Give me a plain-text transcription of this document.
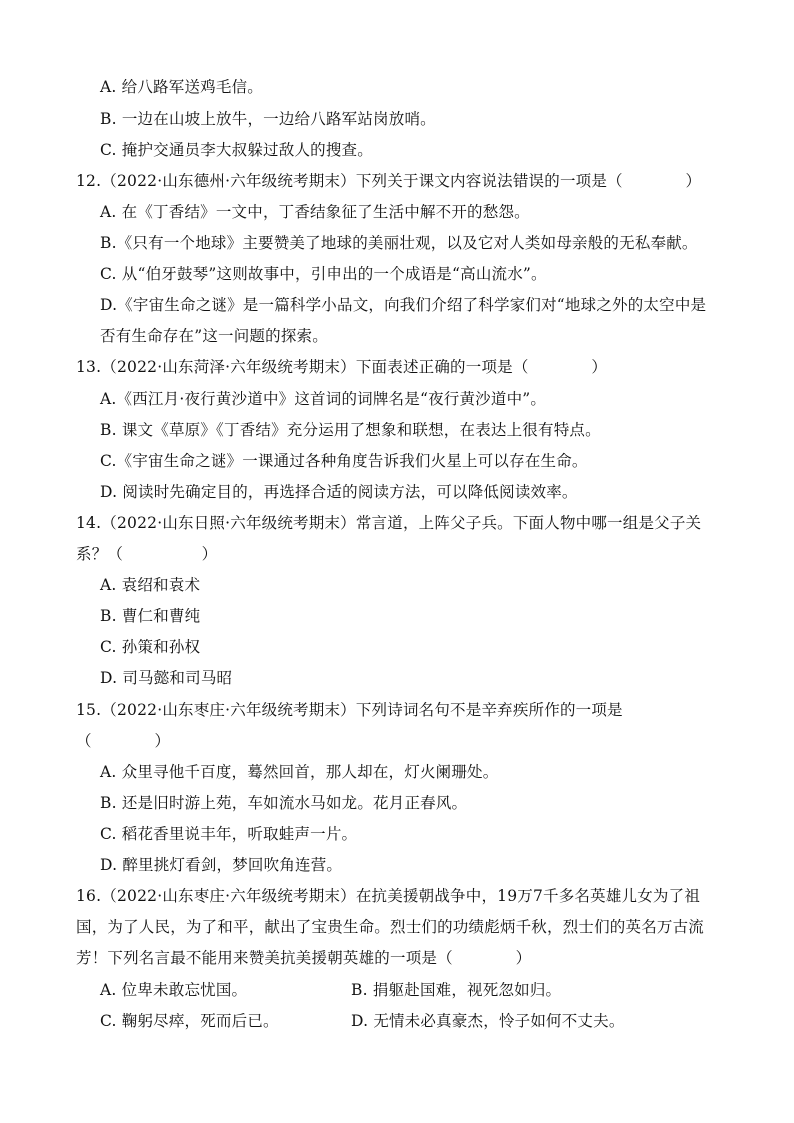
A. 给八路军送鸡毛信。
B. 一边在山坡上放牛，一边给八路军站岗放哨。
C. 掩护交通员李大叔躲过敌人的搜查。
12.（2022·山东德州·六年级统考期末）下列关于课文内容说法错误的一项是（　　　　）
A. 在《丁香结》一文中，丁香结象征了生活中解不开的愁怨。
B.《只有一个地球》主要赞美了地球的美丽壮观，以及它对人类如母亲般的无私奉献。
C. 从“伯牙鼓琴”这则故事中，引申出的一个成语是“高山流水”。
D.《宇宙生命之谜》是一篇科学小品文，向我们介绍了科学家们对“地球之外的太空中是
否有生命存在”这一问题的探索。
13.（2022·山东菏泽·六年级统考期末）下面表述正确的一项是（　　　　）
A.《西江月·夜行黄沙道中》这首词的词牌名是“夜行黄沙道中”。
B. 课文《草原》《丁香结》充分运用了想象和联想，在表达上很有特点。
C.《宇宙生命之谜》一课通过各种角度告诉我们火星上可以存在生命。
D. 阅读时先确定目的，再选择合适的阅读方法，可以降低阅读效率。
14.（2022·山东日照·六年级统考期末）常言道，上阵父子兵。下面人物中哪一组是父子关
系？（　　　　　）
A. 袁绍和袁术
B. 曹仁和曹纯
C. 孙策和孙权
D. 司马懿和司马昭
15.（2022·山东枣庄·六年级统考期末）下列诗词名句不是辛弃疾所作的一项是
（　　　　）
A. 众里寻他千百度，蓦然回首，那人却在，灯火阑珊处。
B. 还是旧时游上苑，车如流水马如龙。花月正春风。
C. 稻花香里说丰年，听取蛙声一片。
D. 醉里挑灯看剑，梦回吹角连营。
16.（2022·山东枣庄·六年级统考期末）在抗美援朝战争中，19万7千多名英雄儿女为了祖
国，为了人民，为了和平，献出了宝贵生命。烈士们的功绩彪炳千秋，烈士们的英名万古流
芳！下列名言最不能用来赞美抗美援朝英雄的一项是（　　　　）
A. 位卑未敢忘忧国。	B. 捐躯赴国难，视死忽如归。
C. 鞠躬尽瘁，死而后已。	D. 无情未必真豪杰，怜子如何不丈夫。
